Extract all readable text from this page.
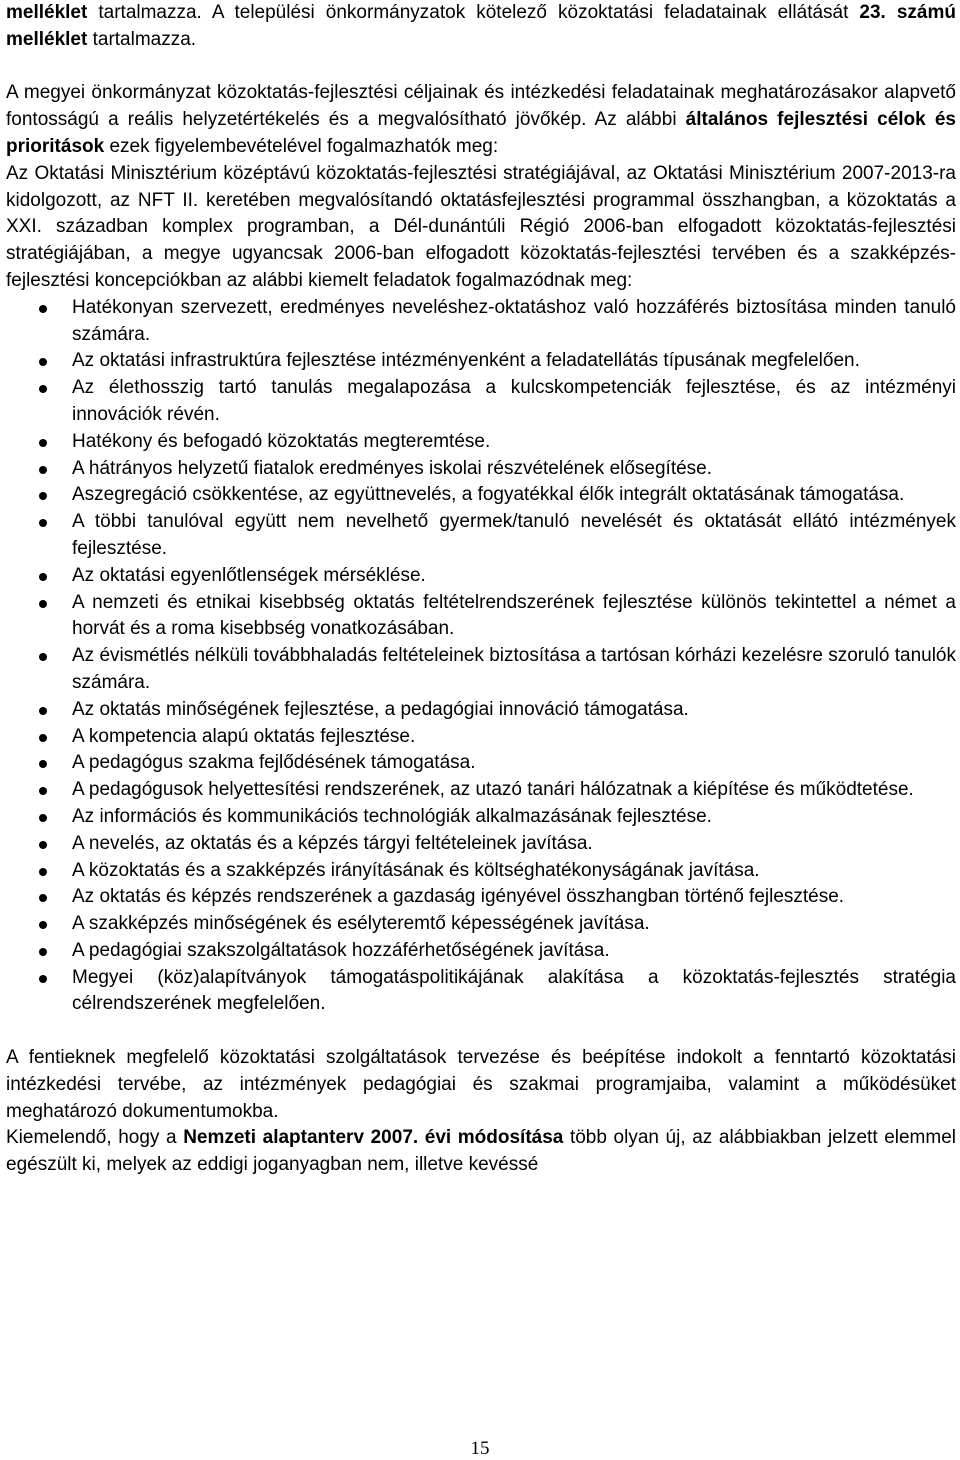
melléklet tartalmazza. A települési önkormányzatok kötelező közoktatási feladatainak ellátását 23. számú melléklet tartalmazza.

A megyei önkormányzat közoktatás-fejlesztési céljainak és intézkedési feladatainak meghatározásakor alapvető fontosságú a reális helyzetértékelés és a megvalósítható jövőkép. Az alábbi általános fejlesztési célok és prioritások ezek figyelembevételével fogalmazhatók meg:

Az Oktatási Minisztérium középtávú közoktatás-fejlesztési stratégiájával, az Oktatási Minisztérium 2007-2013-ra kidolgozott, az NFT II. keretében megvalósítandó oktatásfejlesztési programmal összhangban, a közoktatás a XXI. században komplex programban, a Dél-dunántúli Régió 2006-ban elfogadott közoktatás-fejlesztési stratégiájában, a megye ugyancsak 2006-ban elfogadott közoktatás-fejlesztési tervében és a szakképzés-fejlesztési koncepciókban az alábbi kiemelt feladatok fogalmazódnak meg:

Hatékonyan szervezett, eredményes neveléshez-oktatáshoz való hozzáférés biztosítása minden tanuló számára.
Az oktatási infrastruktúra fejlesztése intézményenként a feladatellátás típusának megfelelően.
Az élethosszig tartó tanulás megalapozása a kulcskompetenciák fejlesztése, és az intézményi innovációk révén.
Hatékony és befogadó közoktatás megteremtése.
A hátrányos helyzetű fiatalok eredményes iskolai részvételének elősegítése.
Aszegregáció csökkentése, az együttnevelés, a fogyatékkal élők integrált oktatásának támogatása.
A többi tanulóval együtt nem nevelhető gyermek/tanuló nevelését és oktatását ellátó intézmények fejlesztése.
Az oktatási egyenlőtlenségek mérséklése.
A nemzeti és etnikai kisebbség oktatás feltételrendszerének fejlesztése különös tekintettel a német a horvát és a roma kisebbség vonatkozásában.
Az évismétlés nélküli továbbhaladás feltételeinek biztosítása a tartósan kórházi kezelésre szoruló tanulók számára.
Az oktatás minőségének fejlesztése, a pedagógiai innováció támogatása.
A kompetencia alapú oktatás fejlesztése.
A pedagógus szakma fejlődésének támogatása.
A pedagógusok helyettesítési rendszerének, az utazó tanári hálózatnak a kiépítése és működtetése.
Az információs és kommunikációs technológiák alkalmazásának fejlesztése.
A nevelés, az oktatás és a képzés tárgyi feltételeinek javítása.
A közoktatás és a szakképzés irányításának és költséghatékonyságának javítása.
Az oktatás és képzés rendszerének a gazdaság igényével összhangban történő fejlesztése.
A szakképzés minőségének és esélyteremtő képességének javítása.
A pedagógiai szakszolgáltatások hozzáférhetőségének javítása.
Megyei (köz)alapítványok támogatáspolitikájának alakítása a közoktatás-fejlesztés stratégia célrendszerének megfelelően.

A fentieknek megfelelő közoktatási szolgáltatások tervezése és beépítése indokolt a fenntartó közoktatási intézkedési tervébe, az intézmények pedagógiai és szakmai programjaiba, valamint a működésüket meghatározó dokumentumokba.

Kiemelendő, hogy a Nemzeti alaptanterv 2007. évi módosítása több olyan új, az alábbiakban jelzett elemmel egészült ki, melyek az eddigi joganyagban nem, illetve kevéssé

15
